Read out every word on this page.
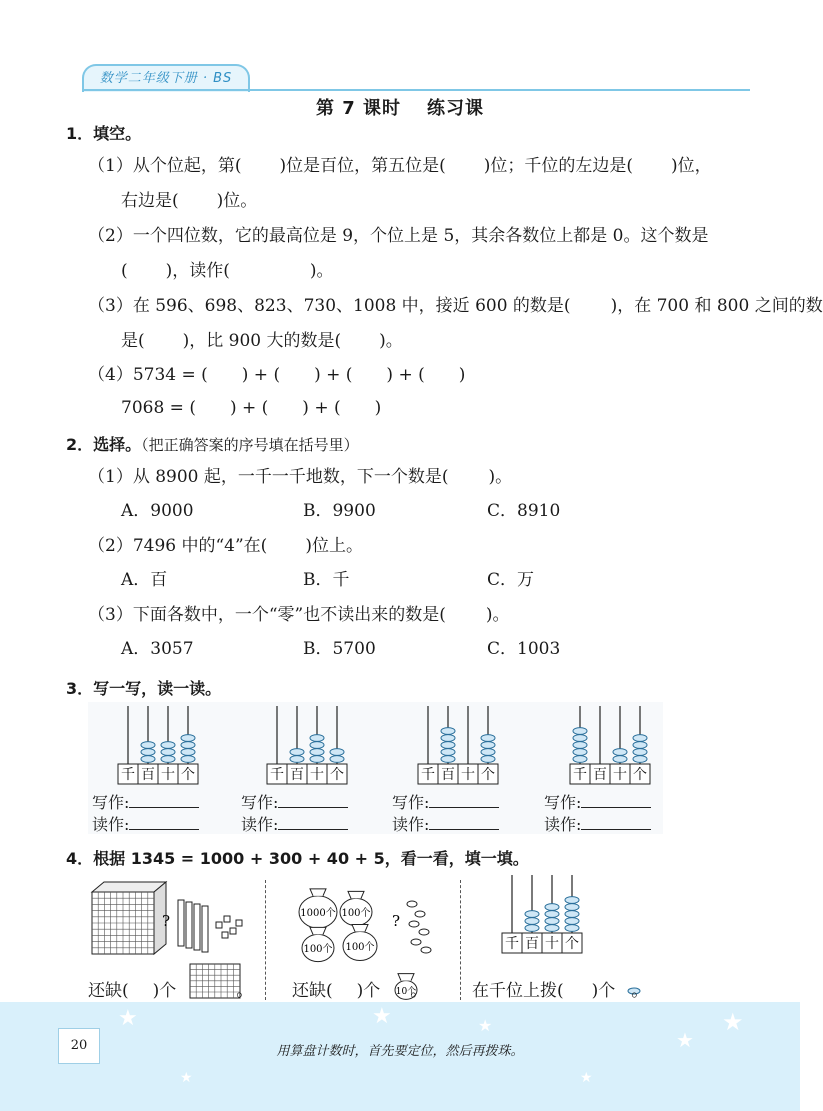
数学二年级下册 · BS
第 7 课时 练习课
1．填空。
（1）从个位起，第( )位是百位，第五位是( )位；千位的左边是( )位，
右边是( )位。
（2）一个四位数，它的最高位是 9，个位上是 5，其余各数位上都是 0。这个数是
( )，读作(	)。
（3）在 596、698、823、730、1008 中，接近 600 的数是( )，在 700 和 800 之间的数
是( )，比 900 大的数是( )。
（4）5734 = ( ) + ( ) + ( ) + ( )
7068 = ( ) + ( ) + ( )
2．选择。（把正确答案的序号填在括号里）
（1）从 8900 起，一千一千地数，下一个数是( )。
A．9000	B．9900	C．8910
（2）7496 中的“4”在( )位上。
A．百	B．千	C．万
（3）下面各数中，一个“零”也不读出来的数是( )。
A．3057	B．5700	C．1003
3．写一写，读一读。
千 百 十 个	千 百 十 个	千 百 十 个	千 百 十 个
写作:
读作:
写作:
读作:
写作:
读作:
写作:
读作:
4．根据 1345 = 1000 + 300 + 40 + 5，看一看，填一填。
?	1000个 100个
100个 100个
?
10个
千 百 十 个
还缺( )个	。 还缺( )个 。	在千位上拨( )个 。
★	★	★
★
★
★	★
20	用算盘计数时，首先要定位，然后再拨珠。
